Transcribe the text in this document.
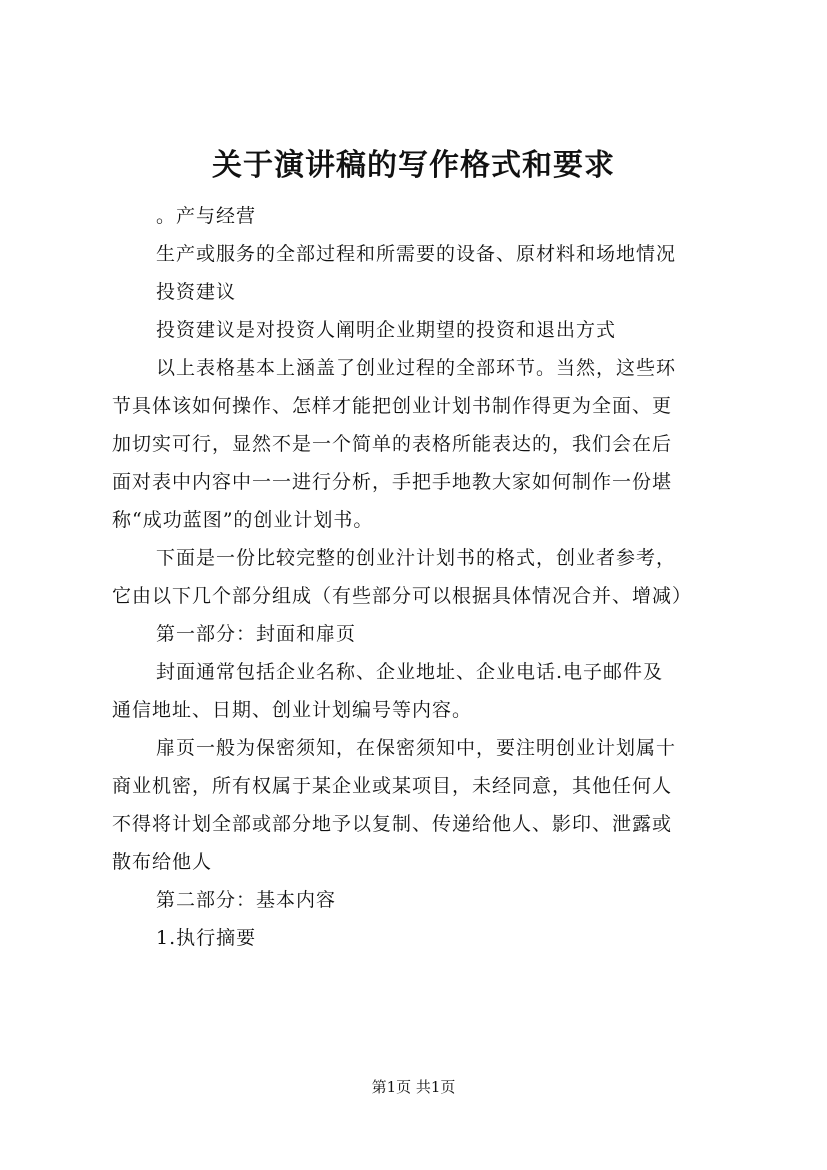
关于演讲稿的写作格式和要求
。产与经营
生产或服务的全部过程和所需要的设备、原材料和场地情况
投资建议
投资建议是对投资人阐明企业期望的投资和退出方式
以上表格基本上涵盖了创业过程的全部环节。当然，这些环
节具体该如何操作、怎样才能把创业计划书制作得更为全面、更
加切实可行，显然不是一个简单的表格所能表达的，我们会在后
面对表中内容中一一进行分析，手把手地教大家如何制作一份堪
称“成功蓝图”的创业计划书。
下面是一份比较完整的创业汁计划书的格式，创业者参考，
它由以下几个部分组成（有些部分可以根据具体情况合并、增减）
第一部分：封面和扉页
封面通常包括企业名称、企业地址、企业电话.电子邮件及
通信地址、日期、创业计划编号等内容。
扉页一般为保密须知，在保密须知中，要注明创业计划属十
商业机密，所有权属于某企业或某项目，未经同意，其他任何人
不得将计划全部或部分地予以复制、传递给他人、影印、泄露或
散布给他人
第二部分：基本内容
1.执行摘要
第1页 共1页
